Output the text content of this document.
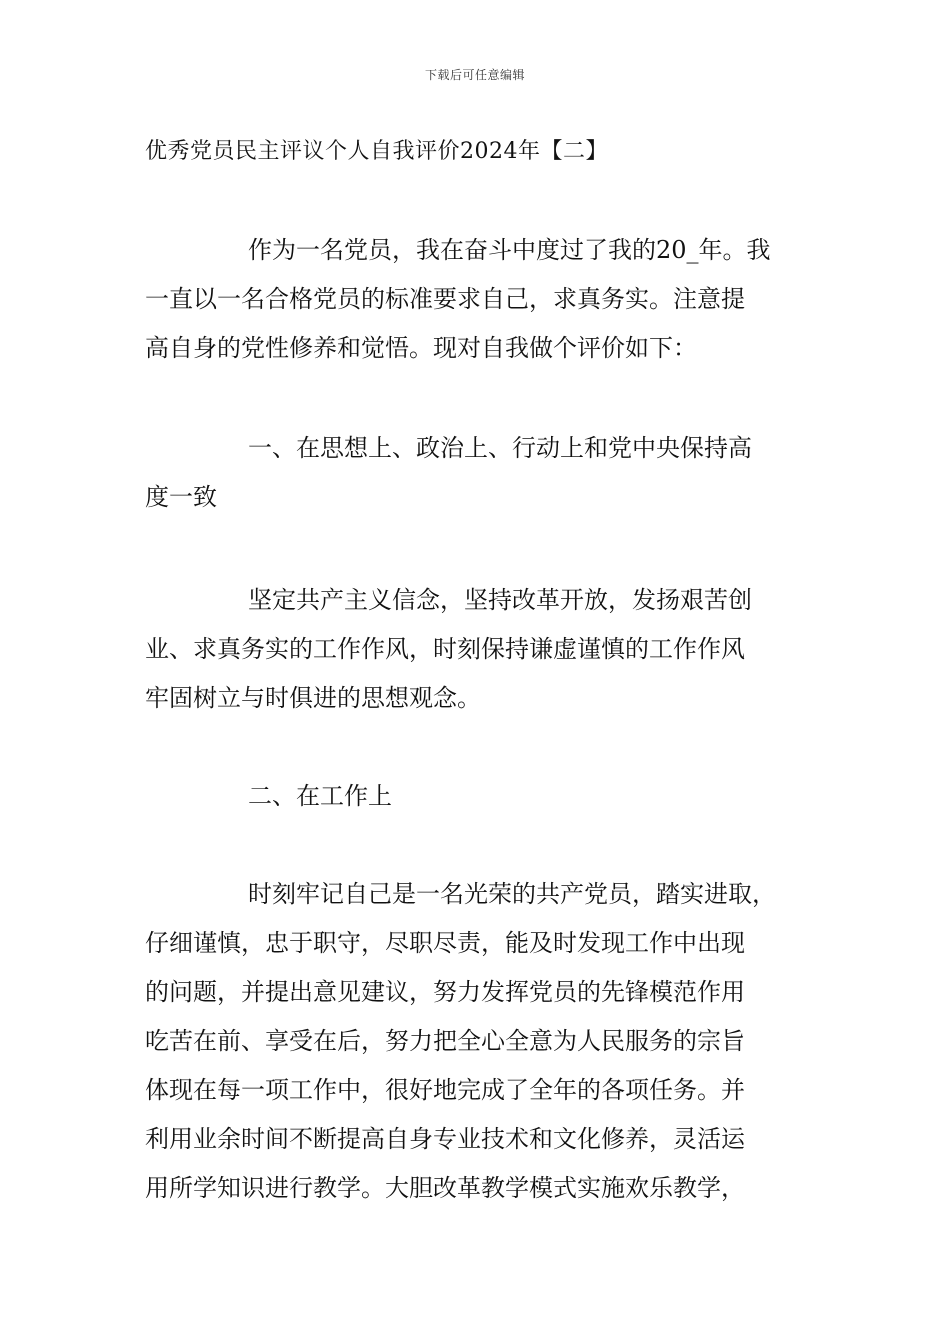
下载后可任意编辑
优秀党员民主评议个人自我评价2024年【二】
作为一名党员，我在奋斗中度过了我的20_年。我
一直以一名合格党员的标准要求自己，求真务实。注意提
高自身的党性修养和觉悟。现对自我做个评价如下：
一、在思想上、政治上、行动上和党中央保持高
度一致
坚定共产主义信念，坚持改革开放，发扬艰苦创
业、求真务实的工作作风，时刻保持谦虚谨慎的工作作风
牢固树立与时俱进的思想观念。
二、在工作上
时刻牢记自己是一名光荣的共产党员，踏实进取，
仔细谨慎，忠于职守，尽职尽责，能及时发现工作中出现
的问题，并提出意见建议，努力发挥党员的先锋模范作用
吃苦在前、享受在后，努力把全心全意为人民服务的宗旨
体现在每一项工作中，很好地完成了全年的各项任务。并
利用业余时间不断提高自身专业技术和文化修养，灵活运
用所学知识进行教学。大胆改革教学模式实施欢乐教学，
